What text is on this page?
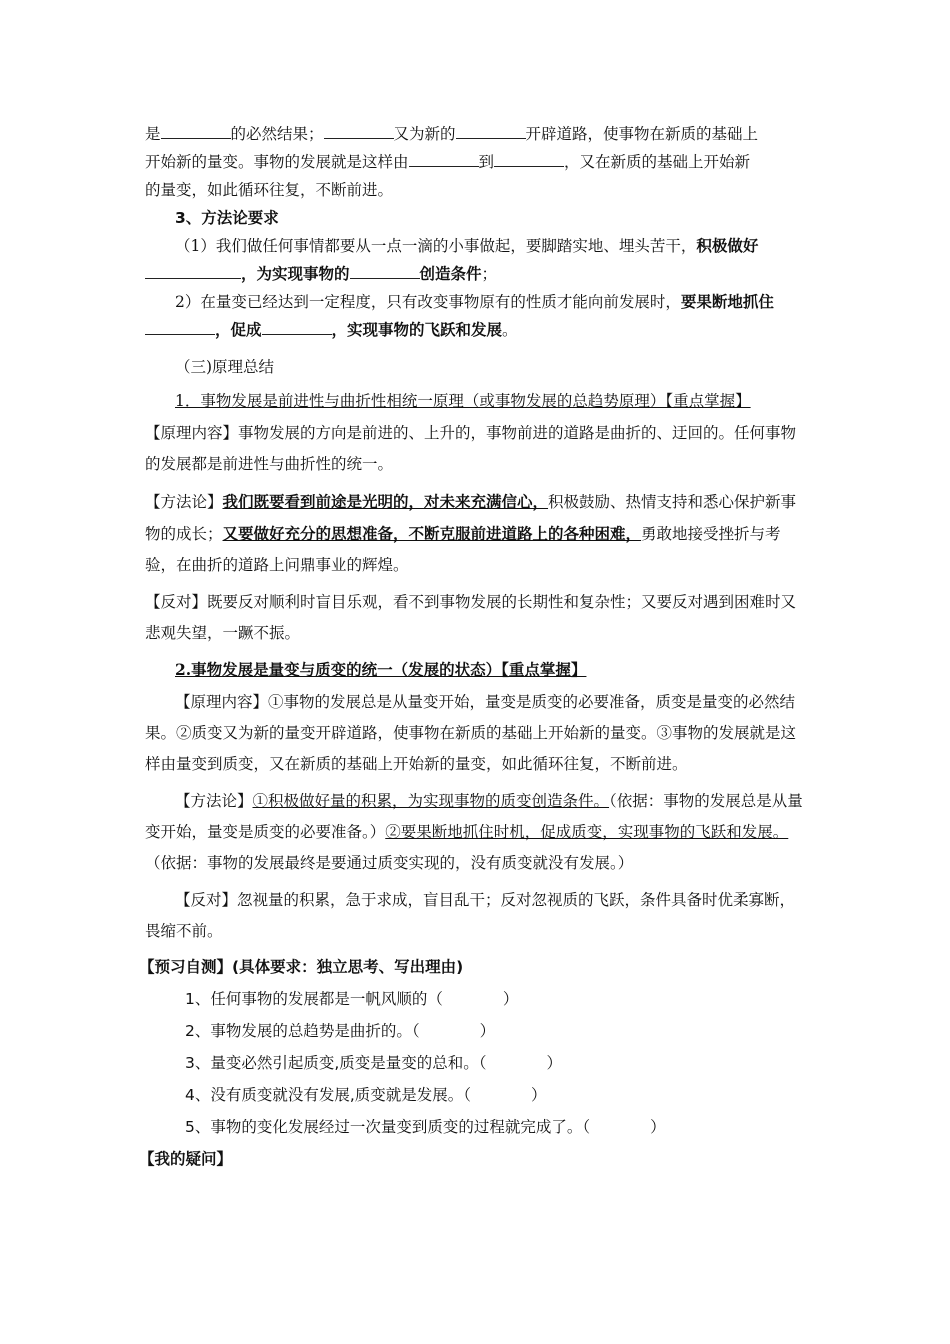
是	的必然结果；	又为新的	开辟道路，使事物在新质的基础上

开始新的量变。事物的发展就是这样由	到	，又在新质的基础上开始新

的量变，如此循环往复，不断前进。

3、方法论要求

（1）我们做任何事情都要从一点一滴的小事做起，要脚踏实地、埋头苦干，积极做好，为实现事物的	创造条件；

2）在量变已经达到一定程度，只有改变事物原有的性质才能向前发展时，要果断地抓住，促成	，实现事物的飞跃和发展。

（三)原理总结

1．事物发展是前进性与曲折性相统一原理（或事物发展的总趋势原理）【重点掌握】

【原理内容】事物发展的方向是前进的、上升的，事物前进的道路是曲折的、迂回的。任何事物的发展都是前进性与曲折性的统一。

【方法论】我们既要看到前途是光明的，对未来充满信心，积极鼓励、热情支持和悉心保护新事物的成长；又要做好充分的思想准备，不断克服前进道路上的各种困难，勇敢地接受挫折与考验，在曲折的道路上问鼎事业的辉煌。

【反对】既要反对顺利时盲目乐观，看不到事物发展的长期性和复杂性；又要反对遇到困难时又悲观失望，一蹶不振。

2.事物发展是量变与质变的统一（发展的状态）【重点掌握】

【原理内容】①事物的发展总是从量变开始，量变是质变的必要准备，质变是量变的必然结果。②质变又为新的量变开辟道路，使事物在新质的基础上开始新的量变。③事物的发展就是这样由量变到质变，又在新质的基础上开始新的量变，如此循环往复，不断前进。

【方法论】①积极做好量的积累，为实现事物的质变创造条件。（依据：事物的发展总是从量变开始，量变是质变的必要准备。）②要果断地抓住时机，促成质变，实现事物的飞跃和发展。（依据：事物的发展最终是要通过质变实现的，没有质变就没有发展。）

【反对】忽视量的积累，急于求成，盲目乱干；反对忽视质的飞跃，条件具备时优柔寡断，畏缩不前。

【预习自测】(具体要求：独立思考、写出理由)

1、任何事物的发展都是一帆风顺的（	）

2、事物发展的总趋势是曲折的。（	）

3、量变必然引起质变,质变是量变的总和。（	）

4、没有质变就没有发展,质变就是发展。（	）

5、事物的变化发展经过一次量变到质变的过程就完成了。（	）

【我的疑问】
